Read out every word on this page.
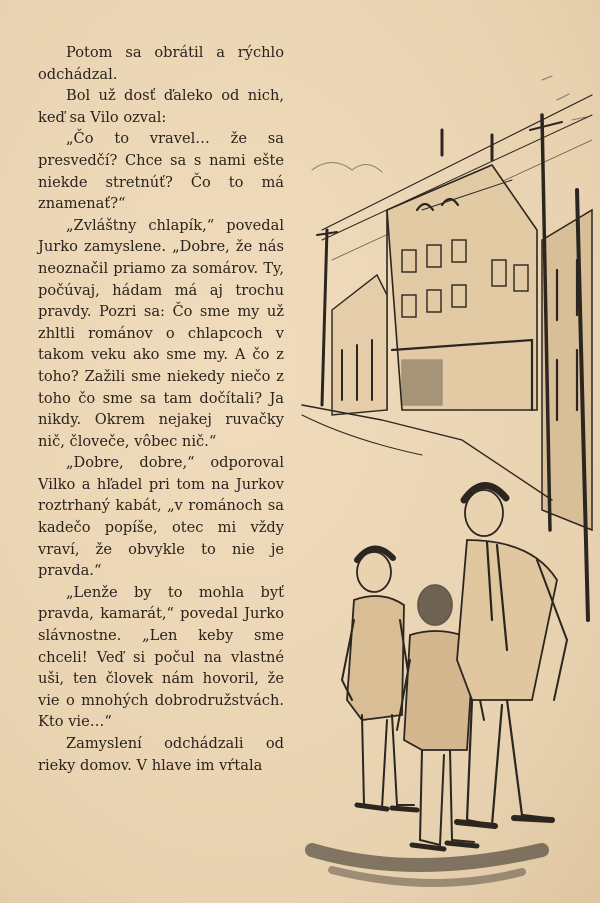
Potom sa obrátil a rýchlo odchádzal.

Bol už dosť ďaleko od nich, keď sa Vilo ozval:

„Čo to vravel… že sa presvedčí? Chce sa s nami ešte niekde stretnúť? Čo to má znamenať?“

„Zvláštny chlapík,“ povedal Jurko zamyslene. „Dobre, že nás neoznačil priamo za somárov. Ty, počúvaj, hádam má aj trochu pravdy. Pozri sa: Čo sme my už zhltli románov o chlapcoch v takom veku ako sme my. A čo z toho? Zažili sme niekedy niečo z toho čo sme sa tam dočítali? Ja nikdy. Okrem nejakej ruvačky nič, človeče, vôbec nič.“

„Dobre, dobre,“ odporoval Vilko a hľadel pri tom na Jurkov roztrhaný kabát, „v románoch sa kadečo popíše, otec mi vždy vraví, že obvykle to nie je pravda.“

„Lenže by to mohla byť pravda, kamarát,“ povedal Jurko slávnostne. „Len keby sme chceli! Veď si počul na vlastné uši, ten človek nám hovoril, že vie o mnohých dobrodružstvách. Kto vie…“

Zamyslení odchádzali od rieky domov. V hlave im vŕtala
